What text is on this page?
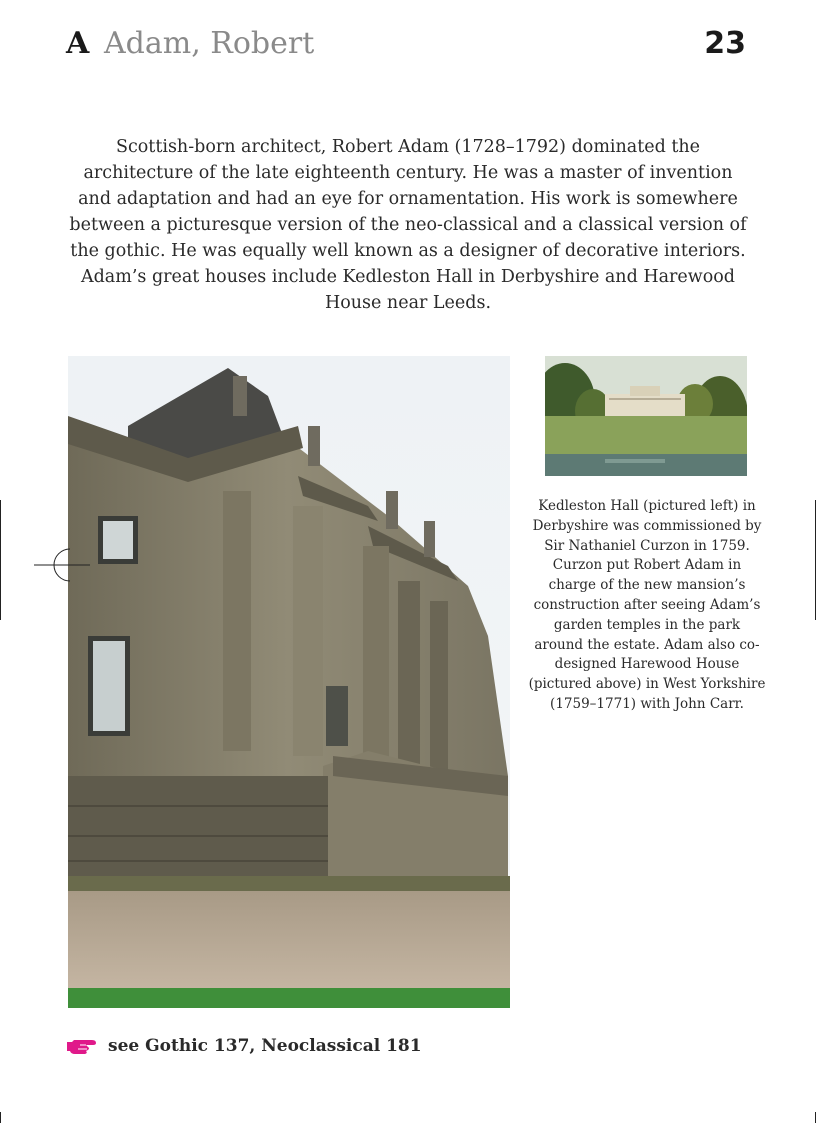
A Adam, Robert	23

Scottish-born architect, Robert Adam (1728–1792) dominated the architecture of the late eighteenth century. He was a master of invention and adaptation and had an eye for ornamentation. His work is somewhere between a picturesque version of the neo-classical and a classical version of the gothic. He was equally well known as a designer of decorative interiors. Adam’s great houses include Kedleston Hall in Derbyshire and Harewood House near Leeds.

Kedleston Hall (pictured left) in Derbyshire was commissioned by Sir Nathaniel Curzon in 1759. Curzon put Robert Adam in charge of the new mansion’s construction after seeing Adam’s garden temples in the park around the estate. Adam also co-designed Harewood House (pictured above) in West Yorkshire (1759–1771) with John Carr.

see Gothic 137, Neoclassical 181
